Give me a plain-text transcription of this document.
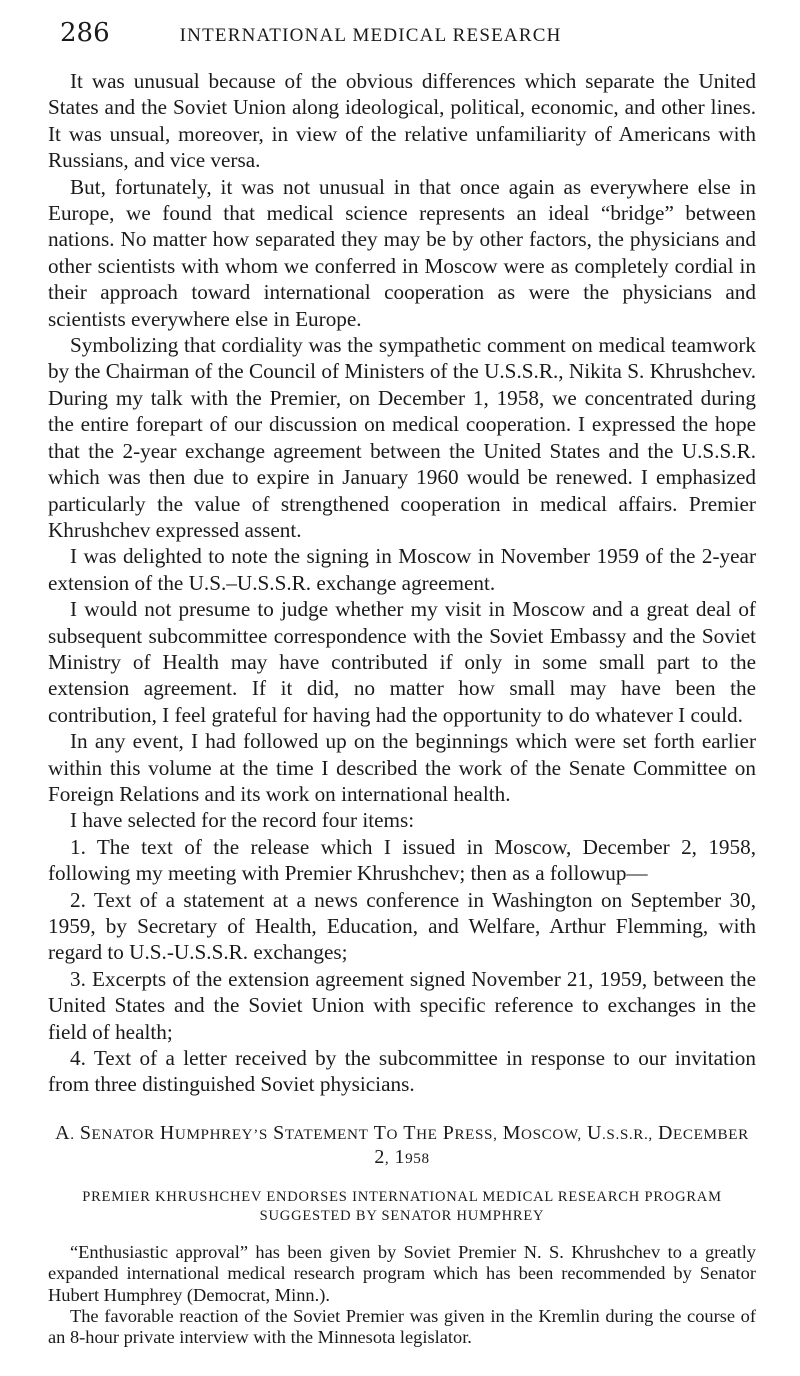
286	INTERNATIONAL MEDICAL RESEARCH

It was unusual because of the obvious differences which separate the United States and the Soviet Union along ideological, political, economic, and other lines. It was unsual, moreover, in view of the relative unfamiliarity of Americans with Russians, and vice versa.

But, fortunately, it was not unusual in that once again as everywhere else in Europe, we found that medical science represents an ideal “bridge” between nations. No matter how separated they may be by other factors, the physicians and other scientists with whom we conferred in Moscow were as completely cordial in their approach toward international cooperation as were the physicians and scientists everywhere else in Europe.

Symbolizing that cordiality was the sympathetic comment on medical teamwork by the Chairman of the Council of Ministers of the U.S.S.R., Nikita S. Khrushchev. During my talk with the Premier, on December 1, 1958, we concentrated during the entire forepart of our discussion on medical cooperation. I expressed the hope that the 2-year exchange agreement between the United States and the U.S.S.R. which was then due to expire in January 1960 would be renewed. I emphasized particularly the value of strengthened cooperation in medical affairs. Premier Khrushchev expressed assent.

I was delighted to note the signing in Moscow in November 1959 of the 2-year extension of the U.S.–U.S.S.R. exchange agreement.

I would not presume to judge whether my visit in Moscow and a great deal of subsequent subcommittee correspondence with the Soviet Embassy and the Soviet Ministry of Health may have contributed if only in some small part to the extension agreement. If it did, no matter how small may have been the contribution, I feel grateful for having had the opportunity to do whatever I could.

In any event, I had followed up on the beginnings which were set forth earlier within this volume at the time I described the work of the Senate Committee on Foreign Relations and its work on international health.

I have selected for the record four items:

1. The text of the release which I issued in Moscow, December 2, 1958, following my meeting with Premier Khrushchev; then as a followup—

2. Text of a statement at a news conference in Washington on September 30, 1959, by Secretary of Health, Education, and Welfare, Arthur Flemming, with regard to U.S.-U.S.S.R. exchanges;

3. Excerpts of the extension agreement signed November 21, 1959, between the United States and the Soviet Union with specific reference to exchanges in the field of health;

4. Text of a letter received by the subcommittee in response to our invitation from three distinguished Soviet physicians.

A. SENATOR HUMPHREY’S STATEMENT TO THE PRESS, MOSCOW, U.S.S.R., DECEMBER 2, 1958
PREMIER KHRUSHCHEV ENDORSES INTERNATIONAL MEDICAL RESEARCH PROGRAM SUGGESTED BY SENATOR HUMPHREY

“Enthusiastic approval” has been given by Soviet Premier N. S. Khrushchev to a greatly expanded international medical research program which has been recommended by Senator Hubert Humphrey (Democrat, Minn.).

The favorable reaction of the Soviet Premier was given in the Kremlin during the course of an 8-hour private interview with the Minnesota legislator.
